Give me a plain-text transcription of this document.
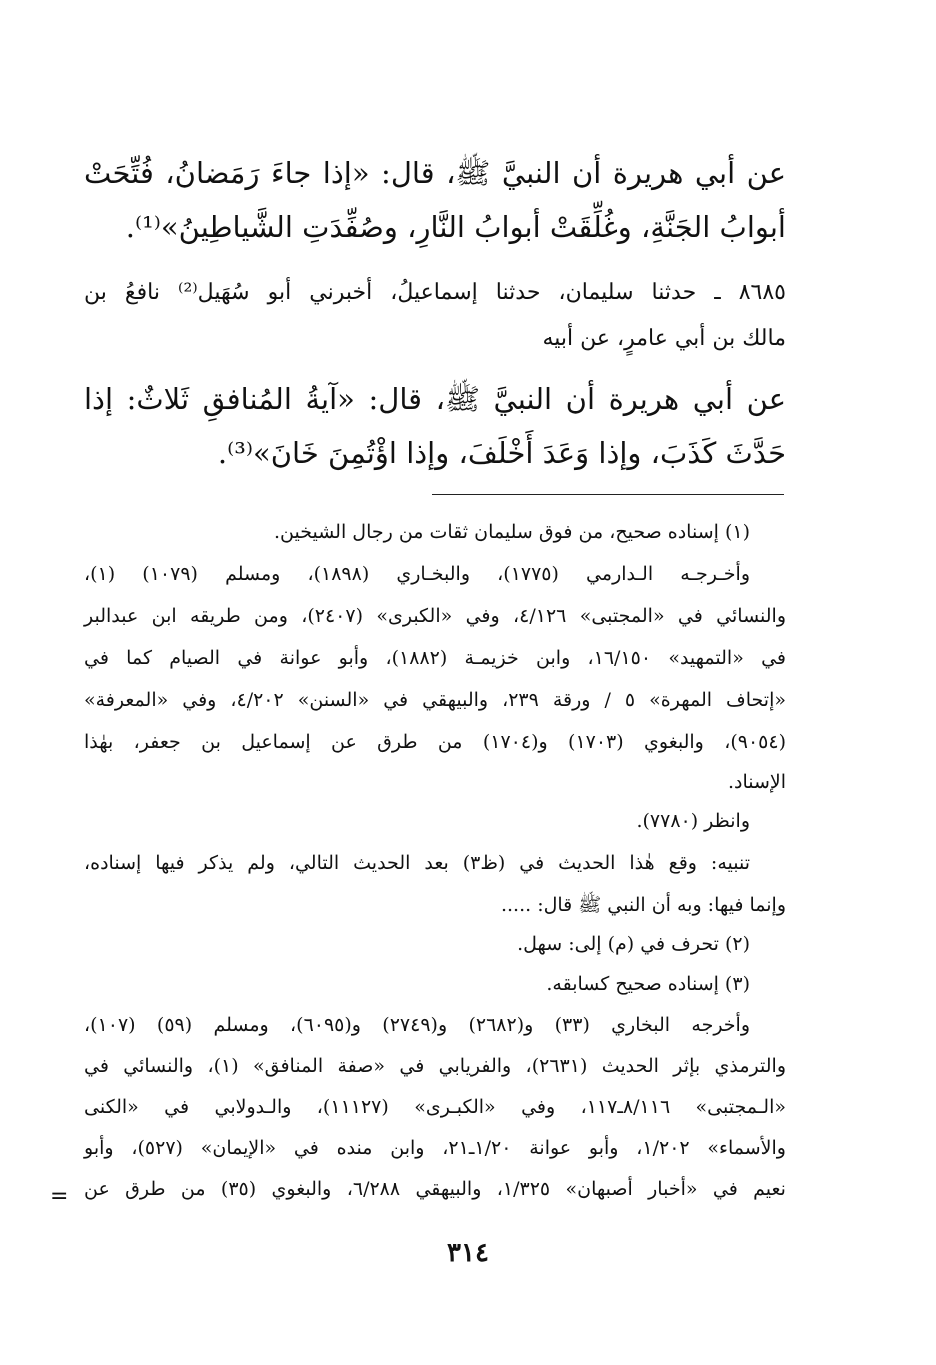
عن أبي هريرة أن النبيَّ ﷺ، قال: «إذا جاءَ رَمَضانُ، فُتِّحَتْ
أبوابُ الجَنَّةِ، وغُلِّقَتْ أبوابُ النَّارِ، وصُفِّدَتِ الشَّياطِينُ»⁽¹⁾.
٨٦٨٥ ـ حدثنا سليمان، حدثنا إسماعيلُ، أخبرني أبو سُهَيل⁽²⁾ نافعُ بن
مالك بن أبي عامرٍ، عن أبيه
عن أبي هريرة أن النبيَّ ﷺ، قال: «آيةُ المُنافقِ ثَلاثٌ: إذا
حَدَّثَ كَذَبَ، وإذا وَعَدَ أَخْلَفَ، وإذا اؤْتُمِنَ خَانَ»⁽³⁾.
(١) إسناده صحيح، من فوق سليمان ثقات من رجال الشيخين.
وأخـرجـه الـدارمي (١٧٧٥)، والبخـاري (١٨٩٨)، ومسلم (١٠٧٩) (١)،
والنسائي في «المجتبى» ٤/١٢٦، وفي «الكبرى» (٢٤٠٧)، ومن طريقه ابن عبدالبر
في «التمهيد» ١٦/١٥٠، وابن خزيمـة (١٨٨٢)، وأبو عوانة في الصيام كما في
«إتحاف المهرة» ٥ / ورقة ٢٣٩، والبيهقي في «السنن» ٤/٢٠٢، وفي «المعرفة»
(٩٠٥٤)، والبغوي (١٧٠٣) و(١٧٠٤) من طرق عن إسماعيل بن جعفر، بهٰذا
الإسناد.
وانظر (٧٧٨٠).
تنبيه: وقع هٰذا الحديث في (ظ٣) بعد الحديث التالي، ولم يذكر فيها إسناده،
وإنما فيها: وبه أن النبي ﷺ قال: .....
(٢) تحرف في (م) إلى: سهل.
(٣) إسناده صحيح كسابقه.
وأخرجه البخاري (٣٣) و(٢٦٨٢) و(٢٧٤٩) و(٦٠٩٥)، ومسلم (٥٩) (١٠٧)،
والترمذي بإثر الحديث (٢٦٣١)، والفريابي في «صفة المنافق» (١)، والنسائي في
«الـمجتبى» ٨/١١٦ـ١١٧، وفي «الكبـرى» (١١١٢٧)، والـدولابي في «الكنى
والأسماء» ١/٢٠٢، وأبو عوانة ١/٢٠ـ٢١، وابن منده في «الإيمان» (٥٢٧)، وأبو
نعيم في «أخبار أصبهان» ١/٣٢٥، والبيهقي ٦/٢٨٨، والبغوي (٣٥) من طرق عن
=
٣١٤
